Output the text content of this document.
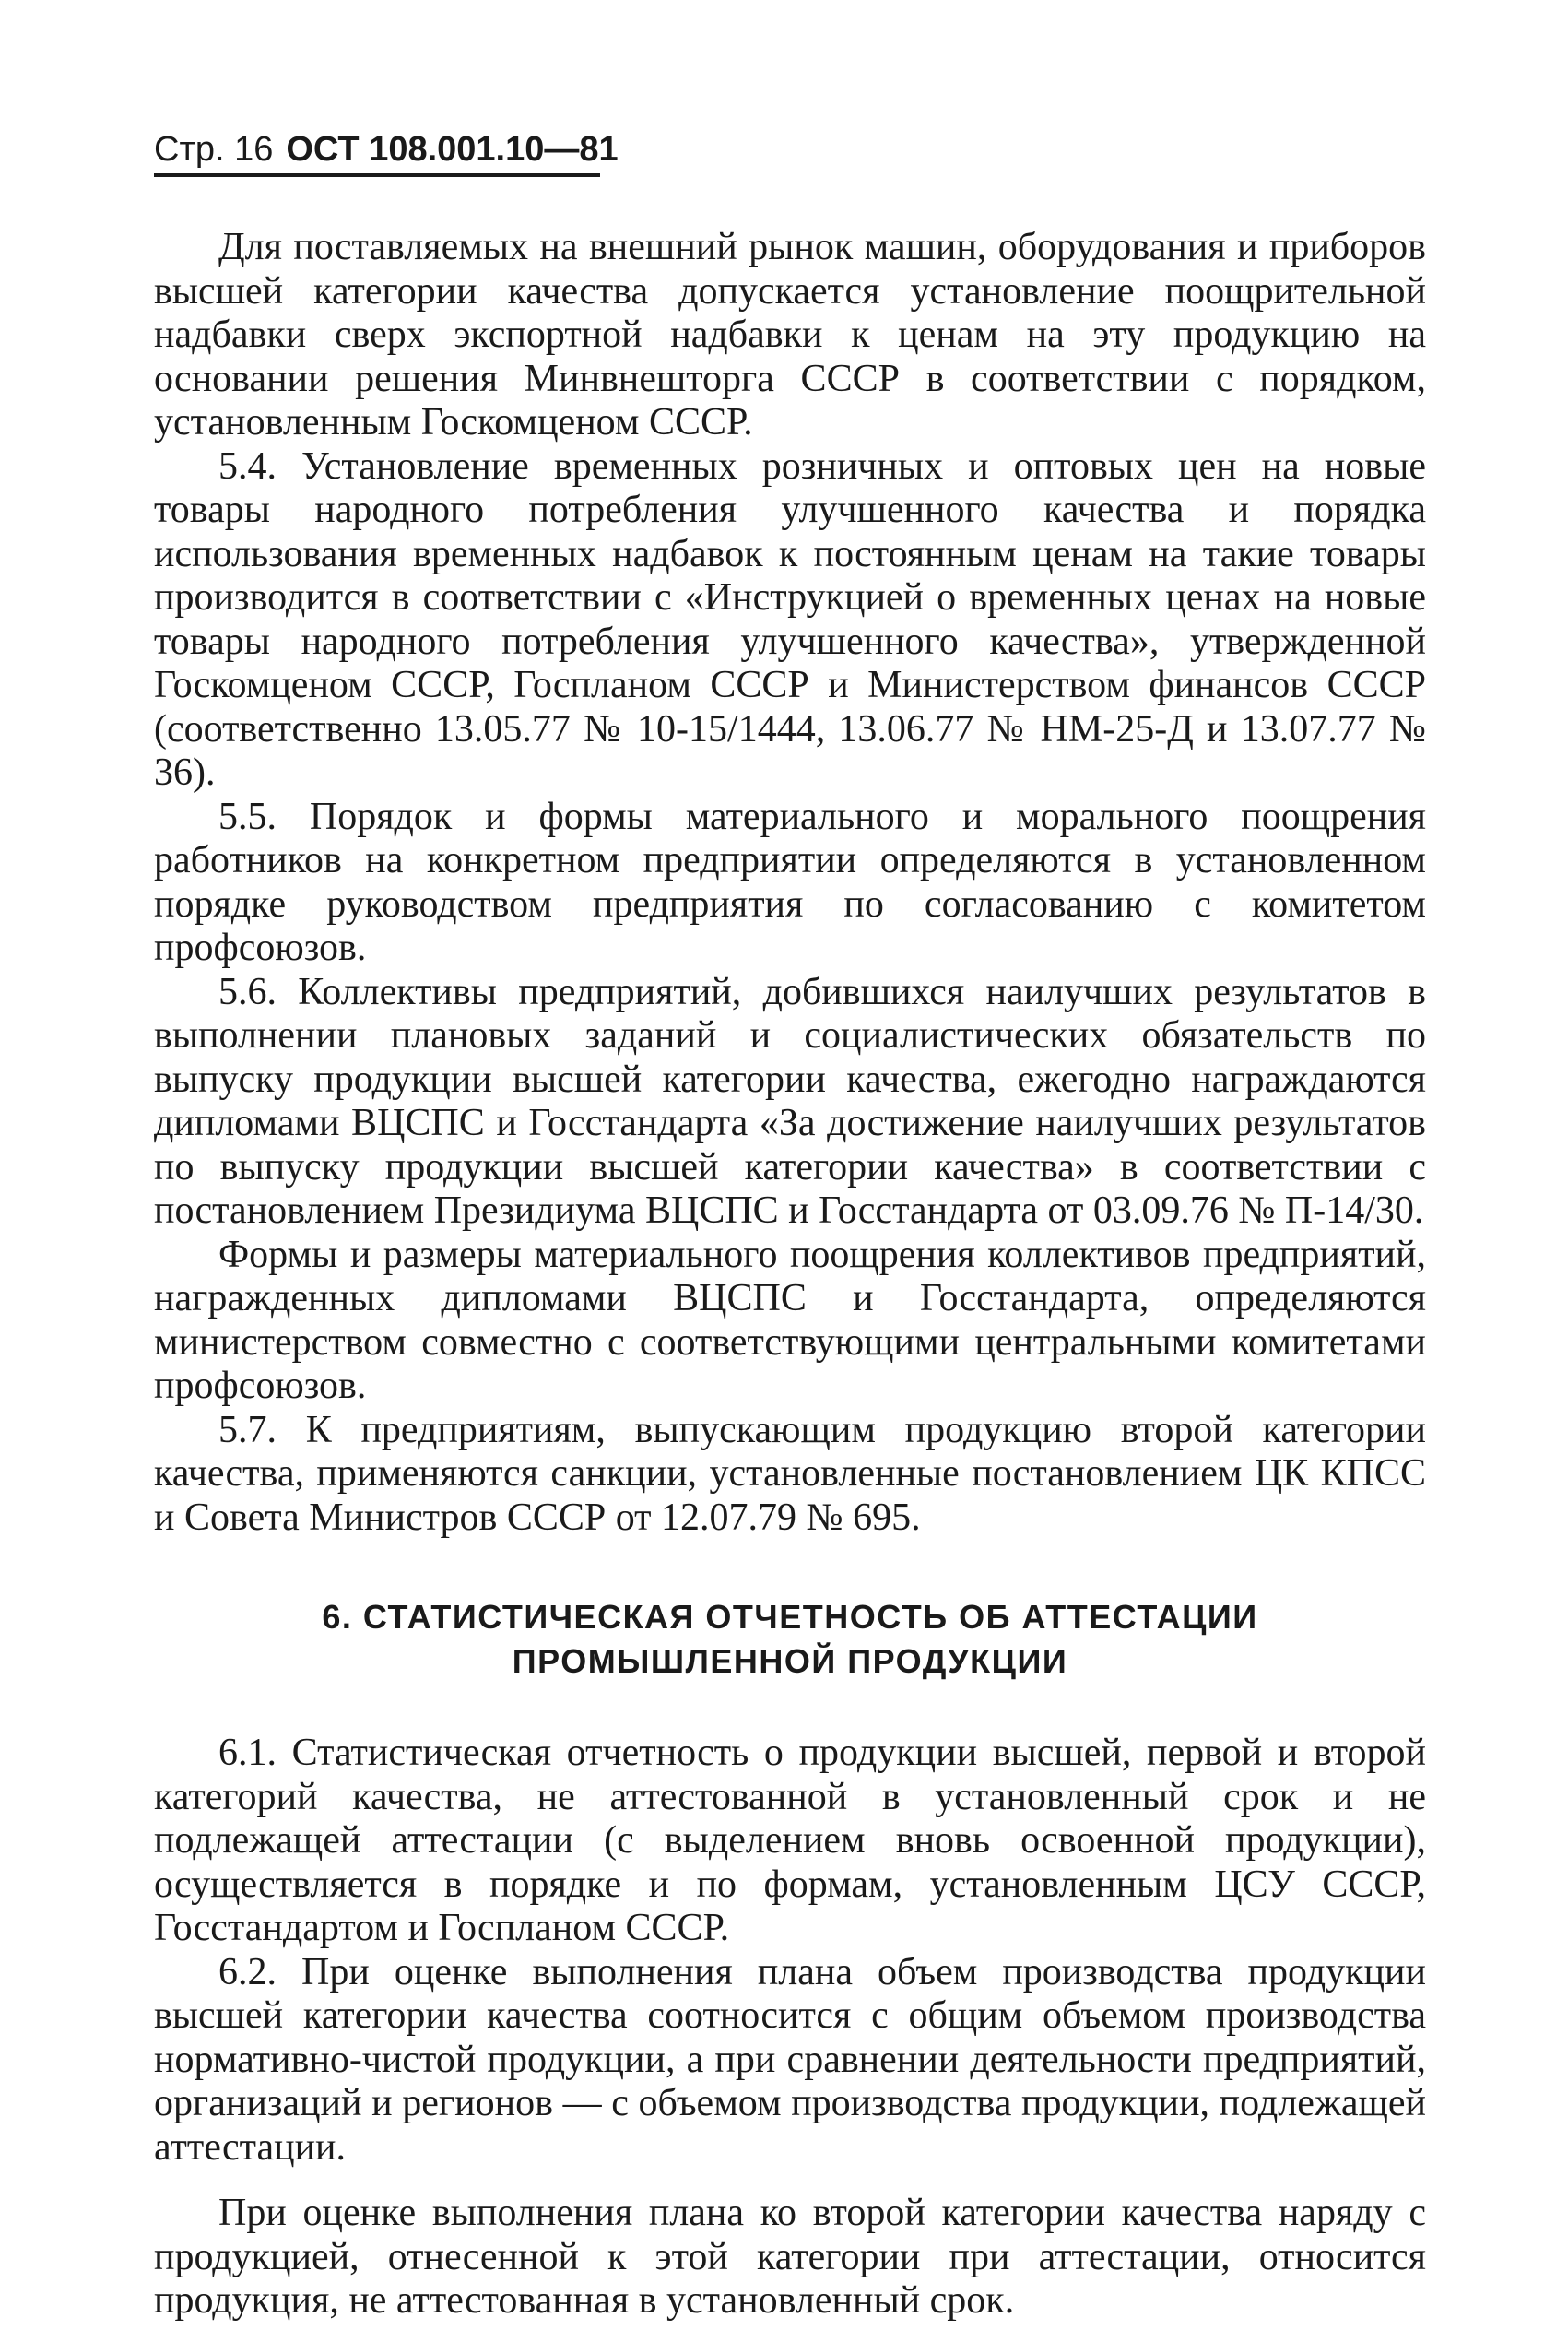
Стр. 16 ОСТ 108.001.10—81

Для поставляемых на внешний рынок машин, оборудования и приборов высшей категории качества допускается установление поощрительной надбавки сверх экспортной надбавки к ценам на эту продукцию на основании решения Минвнешторга СССР в соответствии с порядком, установленным Госкомценом СССР.

5.4. Установление временных розничных и оптовых цен на новые товары народного потребления улучшенного качества и порядка использования временных надбавок к постоянным ценам на такие товары производится в соответствии с «Инструкцией о временных ценах на новые товары народного потребления улучшенного качества», утвержденной Госкомценом СССР, Госпланом СССР и Министерством финансов СССР (соответственно 13.05.77 № 10-15/1444, 13.06.77 № НМ-25-Д и 13.07.77 № 36).

5.5. Порядок и формы материального и морального поощрения работников на конкретном предприятии определяются в установленном порядке руководством предприятия по согласованию с комитетом профсоюзов.

5.6. Коллективы предприятий, добившихся наилучших результатов в выполнении плановых заданий и социалистических обязательств по выпуску продукции высшей категории качества, ежегодно награждаются дипломами ВЦСПС и Госстандарта «За достижение наилучших результатов по выпуску продукции высшей категории качества» в соответствии с постановлением Президиума ВЦСПС и Госстандарта от 03.09.76 № П-14/30.

Формы и размеры материального поощрения коллективов предприятий, награжденных дипломами ВЦСПС и Госстандарта, определяются министерством совместно с соответствующими центральными комитетами профсоюзов.

5.7. К предприятиям, выпускающим продукцию второй категории качества, применяются санкции, установленные постановлением ЦК КПСС и Совета Министров СССР от 12.07.79 № 695.

6. СТАТИСТИЧЕСКАЯ ОТЧЕТНОСТЬ ОБ АТТЕСТАЦИИ
ПРОМЫШЛЕННОЙ ПРОДУКЦИИ

6.1. Статистическая отчетность о продукции высшей, первой и второй категорий качества, не аттестованной в установленный срок и не подлежащей аттестации (с выделением вновь освоенной продукции), осуществляется в порядке и по формам, установленным ЦСУ СССР, Госстандартом и Госпланом СССР.

6.2. При оценке выполнения плана объем производства продукции высшей категории качества соотносится с общим объемом производства нормативно-чистой продукции, а при сравнении деятельности предприятий, организаций и регионов — с объемом производства продукции, подлежащей аттестации.

При оценке выполнения плана ко второй категории качества наряду с продукцией, отнесенной к этой категории при аттестации, относится продукция, не аттестованная в установленный срок.
